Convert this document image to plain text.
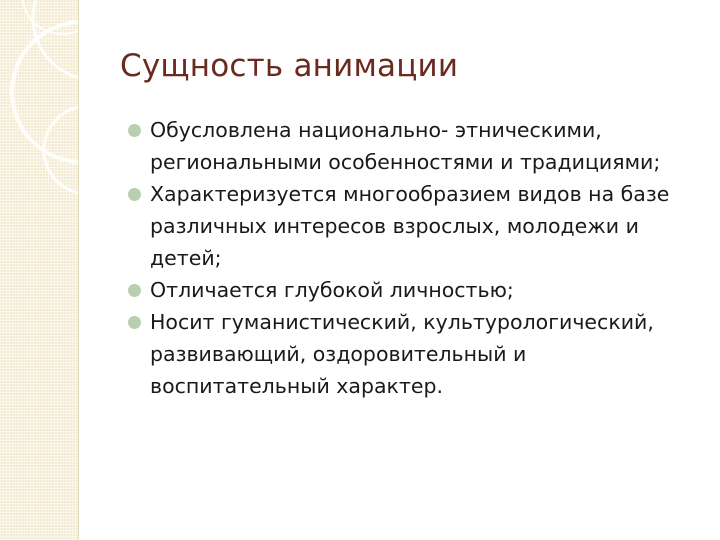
Сущность анимации
Обусловлена национально- этническими, региональными особенностями и традициями;
Характеризуется многообразием видов на базе различных интересов взрослых, молодежи и детей;
Отличается глубокой личностью;
Носит гуманистический, культурологический, развивающий, оздоровительный и воспитательный характер.
